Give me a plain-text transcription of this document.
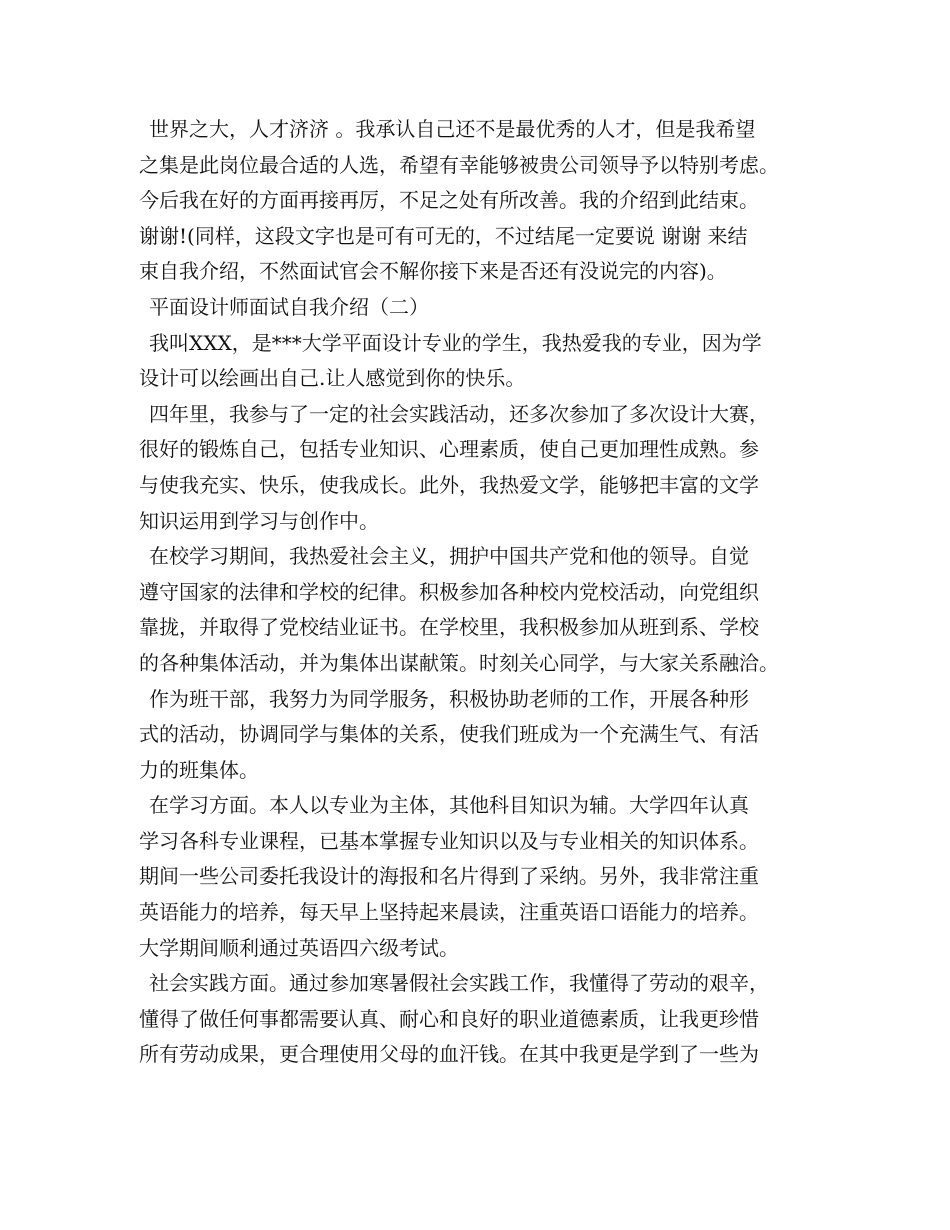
世界之大，人才济济 。我承认自己还不是最优秀的人才，但是我希望
之集是此岗位最合适的人选，希望有幸能够被贵公司领导予以特别考虑。
今后我在好的方面再接再厉，不足之处有所改善。我的介绍到此结束。
谢谢!(同样，这段文字也是可有可无的，不过结尾一定要说 谢谢 来结
束自我介绍，不然面试官会不解你接下来是否还有没说完的内容)。
平面设计师面试自我介绍（二）
我叫XXX，是***大学平面设计专业的学生，我热爱我的专业，因为学
设计可以绘画出自己.让人感觉到你的快乐。
四年里，我参与了一定的社会实践活动，还多次参加了多次设计大赛，
很好的锻炼自己，包括专业知识、心理素质，使自己更加理性成熟。参
与使我充实、快乐，使我成长。此外，我热爱文学，能够把丰富的文学
知识运用到学习与创作中。
在校学习期间，我热爱社会主义，拥护中国共产党和他的领导。自觉
遵守国家的法律和学校的纪律。积极参加各种校内党校活动，向党组织
靠拢，并取得了党校结业证书。在学校里，我积极参加从班到系、学校
的各种集体活动，并为集体出谋献策。时刻关心同学，与大家关系融洽。
作为班干部，我努力为同学服务，积极协助老师的工作，开展各种形
式的活动，协调同学与集体的关系，使我们班成为一个充满生气、有活
力的班集体。
在学习方面。本人以专业为主体，其他科目知识为辅。大学四年认真
学习各科专业课程，已基本掌握专业知识以及与专业相关的知识体系。
期间一些公司委托我设计的海报和名片得到了采纳。另外，我非常注重
英语能力的培养，每天早上坚持起来晨读，注重英语口语能力的培养。
大学期间顺利通过英语四六级考试。
社会实践方面。通过参加寒暑假社会实践工作，我懂得了劳动的艰辛，
懂得了做任何事都需要认真、耐心和良好的职业道德素质，让我更珍惜
所有劳动成果，更合理使用父母的血汗钱。在其中我更是学到了一些为
